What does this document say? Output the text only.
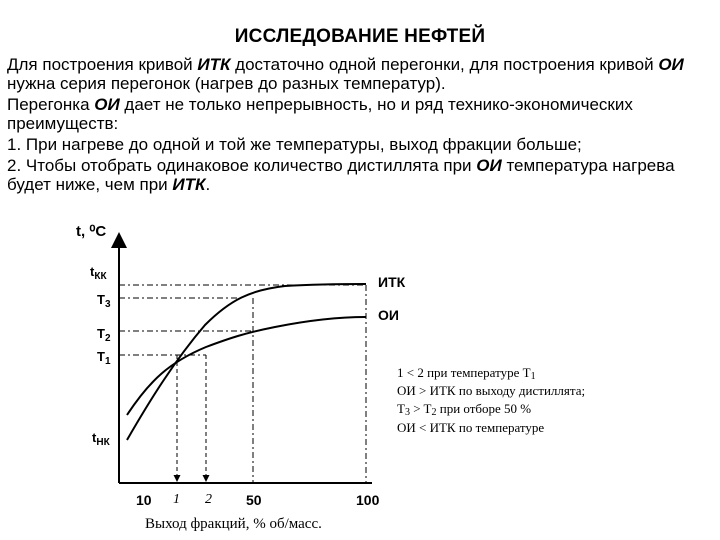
ИССЛЕДОВАНИЕ НЕФТЕЙ

Для построения кривой ИТК достаточно одной перегонки, для построения кривой ОИ нужна серия перегонок (нагрев до разных температур).

Перегонка ОИ дает не только непрерывность, но и ряд технико-экономических преимуществ:

1. При нагреве до одной и той же температуры, выход фракции больше;

2. Чтобы отобрать одинаковое количество дистиллята при ОИ температура нагрева будет ниже, чем при ИТК.

t, ⁰C
Выход фракций, % об/масс.
$t_{КК}$
$T_3$
$T_2$
$T_1$
$t_{НК}$
10 1 2 50	100
ИТК
ОИ
1 < 2 при температуре T1
ОИ > ИТК по выходу дистиллята;
T3 > T2 при отборе 50 %
ОИ < ИТК по температуре
